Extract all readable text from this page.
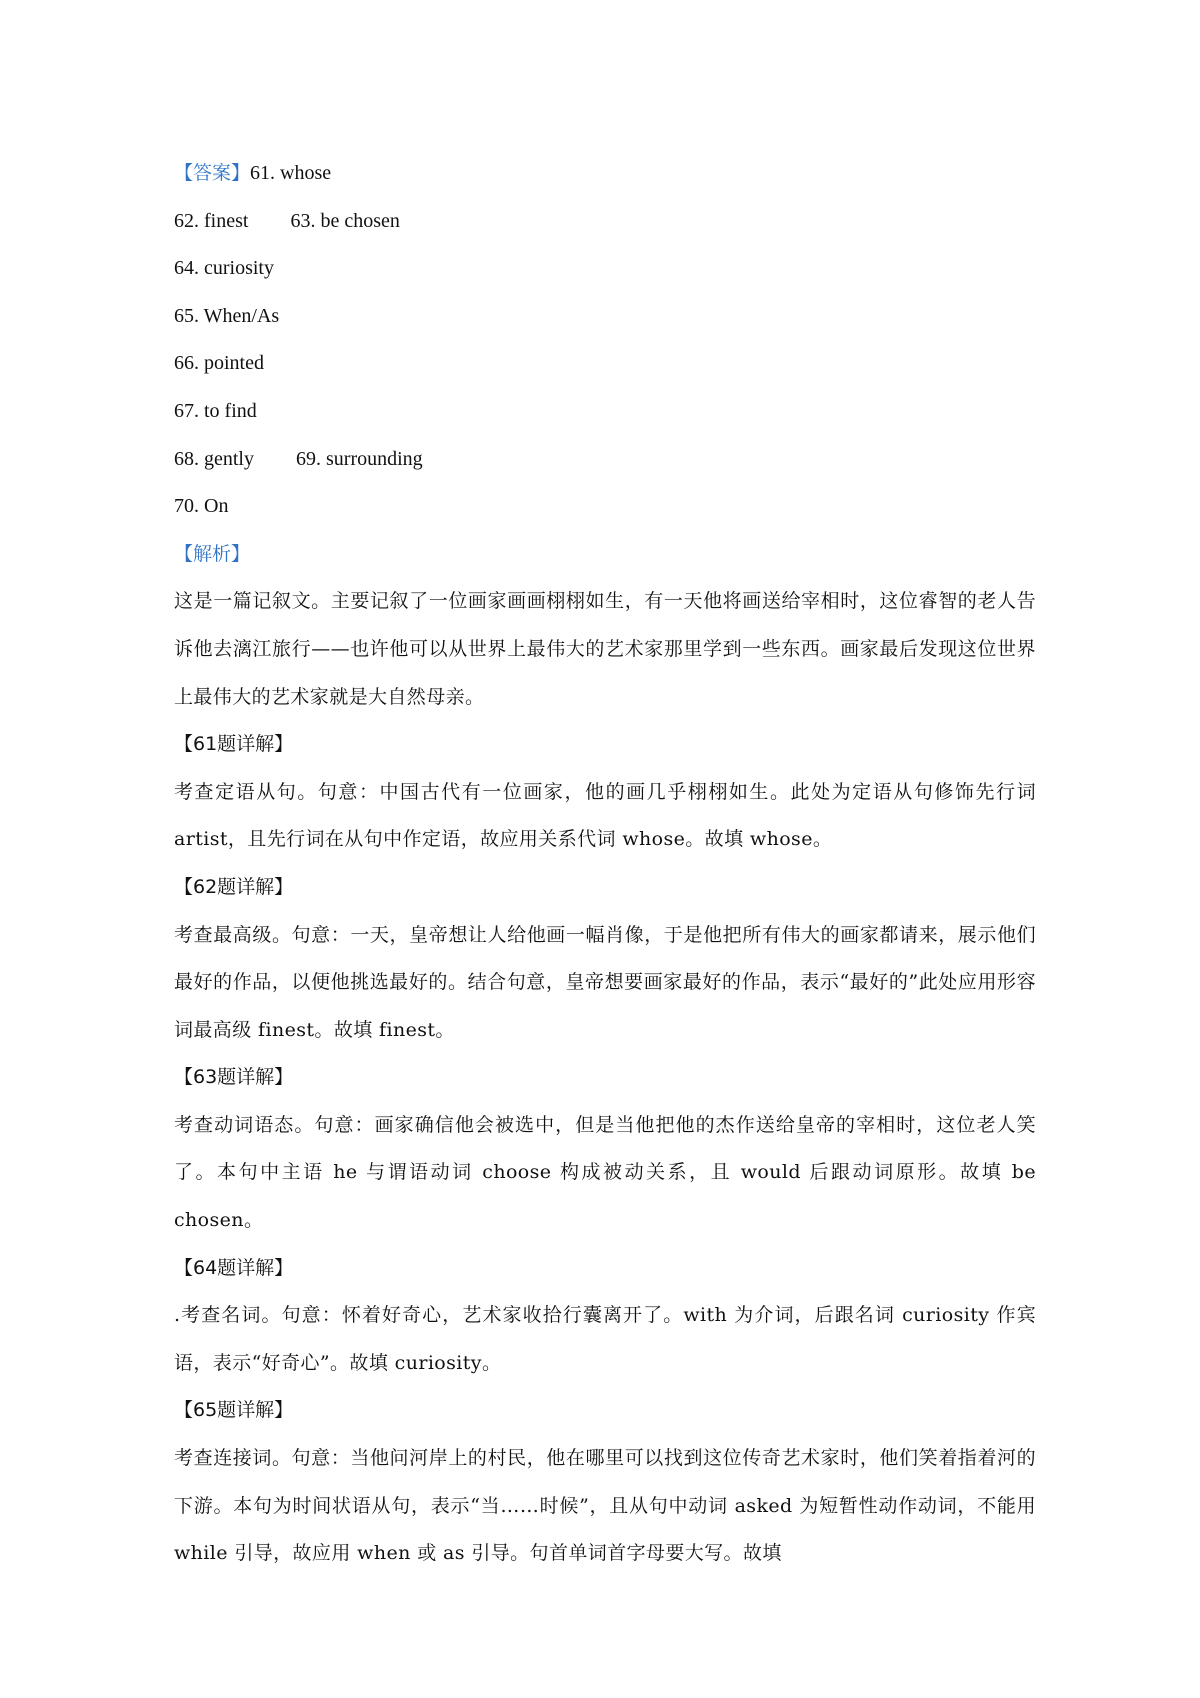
【答案】61. whose
62. finest 63. be chosen
64. curiosity
65. When/As
66. pointed
67. to find
68. gently 69. surrounding
70. On
【解析】

这是一篇记叙文。主要记叙了一位画家画画栩栩如生，有一天他将画送给宰相时，这位睿智的老人告诉他去漓江旅行——也许他可以从世界上最伟大的艺术家那里学到一些东西。画家最后发现这位世界上最伟大的艺术家就是大自然母亲。

【61题详解】

考查定语从句。句意：中国古代有一位画家，他的画几乎栩栩如生。此处为定语从句修饰先行词 artist，且先行词在从句中作定语，故应用关系代词 whose。故填 whose。

【62题详解】

考查最高级。句意：一天，皇帝想让人给他画一幅肖像，于是他把所有伟大的画家都请来，展示他们最好的作品，以便他挑选最好的。结合句意，皇帝想要画家最好的作品，表示“最好的”此处应用形容词最高级 finest。故填 finest。

【63题详解】

考查动词语态。句意：画家确信他会被选中，但是当他把他的杰作送给皇帝的宰相时，这位老人笑了。本句中主语 he 与谓语动词 choose 构成被动关系，且 would 后跟动词原形。故填 be chosen。

【64题详解】

.考查名词。句意：怀着好奇心，艺术家收拾行囊离开了。with 为介词，后跟名词 curiosity 作宾语，表示“好奇心”。故填 curiosity。

【65题详解】

考查连接词。句意：当他问河岸上的村民，他在哪里可以找到这位传奇艺术家时，他们笑着指着河的下游。本句为时间状语从句，表示“当……时候”，且从句中动词 asked 为短暂性动作动词，不能用 while 引导，故应用 when 或 as 引导。句首单词首字母要大写。故填
